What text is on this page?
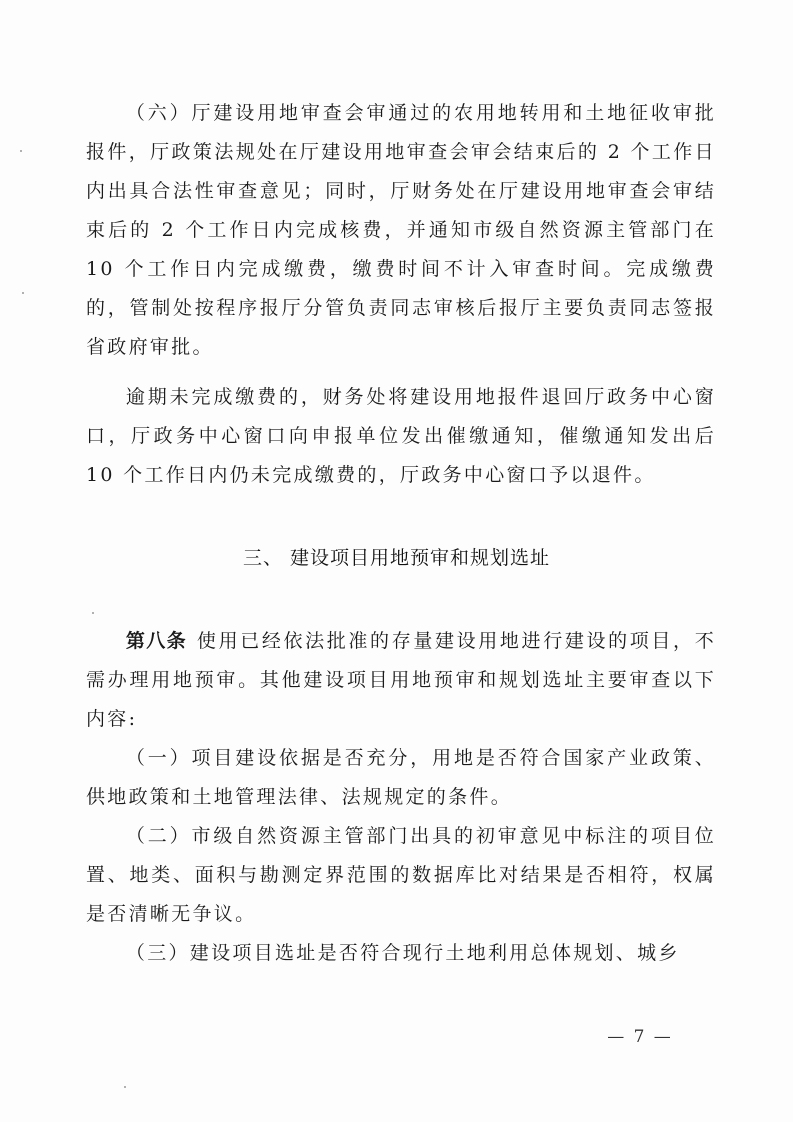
（六）厅建设用地审查会审通过的农用地转用和土地征收审批报件，厅政策法规处在厅建设用地审查会审会结束后的 2 个工作日内出具合法性审查意见；同时，厅财务处在厅建设用地审查会审结束后的 2 个工作日内完成核费，并通知市级自然资源主管部门在 10 个工作日内完成缴费，缴费时间不计入审查时间。完成缴费的，管制处按程序报厅分管负责同志审核后报厅主要负责同志签报省政府审批。

逾期未完成缴费的，财务处将建设用地报件退回厅政务中心窗口，厅政务中心窗口向申报单位发出催缴通知，催缴通知发出后 10 个工作日内仍未完成缴费的，厅政务中心窗口予以退件。

三、 建设项目用地预审和规划选址

第八条 使用已经依法批准的存量建设用地进行建设的项目，不需办理用地预审。其他建设项目用地预审和规划选址主要审查以下内容:

（一）项目建设依据是否充分，用地是否符合国家产业政策、供地政策和土地管理法律、法规规定的条件。

（二）市级自然资源主管部门出具的初审意见中标注的项目位置、地类、面积与勘测定界范围的数据库比对结果是否相符，权属是否清晰无争议。

（三）建设项目选址是否符合现行土地利用总体规划、城乡

— 7 —
